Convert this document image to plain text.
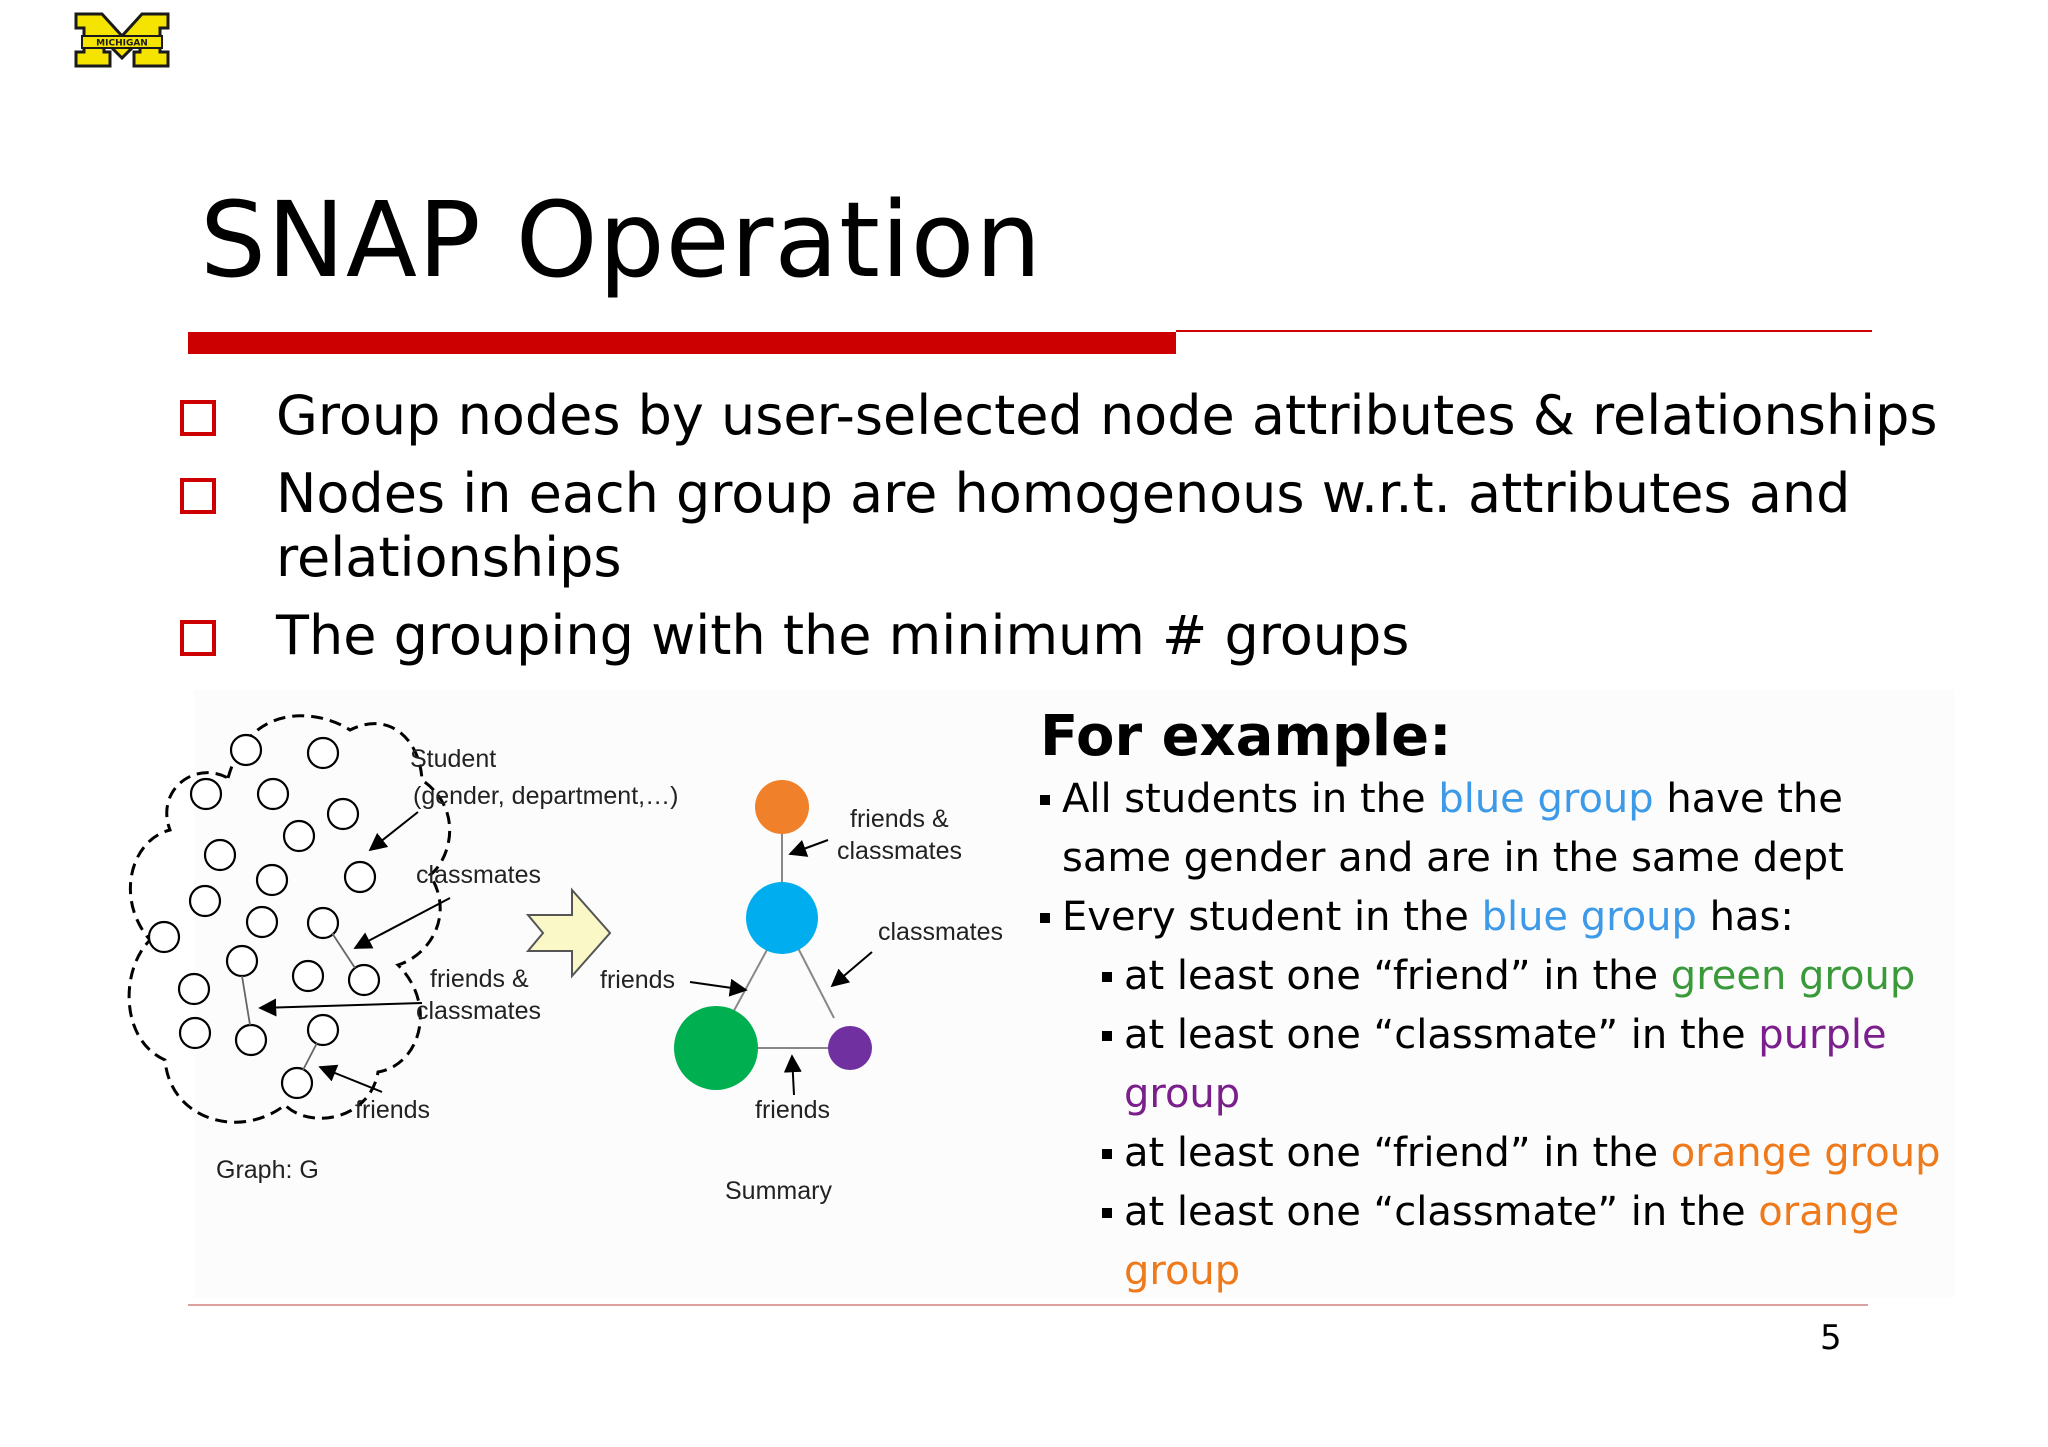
MICHIGAN
SNAP Operation
Group nodes by user-selected node attributes & relationships
Nodes in each group are homogenous w.r.t. attributes and relationships
The grouping with the minimum # groups
Student
(gender, department,…)
classmates
friends &
classmates
friends
Graph: G
friends &
classmates
friends
classmates
friends
Summary
For example:
All students in the blue group have the
same gender and are in the same dept
Every student in the blue group has:
at least one “friend” in the green group
at least one “classmate” in the purple
group
at least one “friend” in the orange group
at least one “classmate” in the orange
group
5
